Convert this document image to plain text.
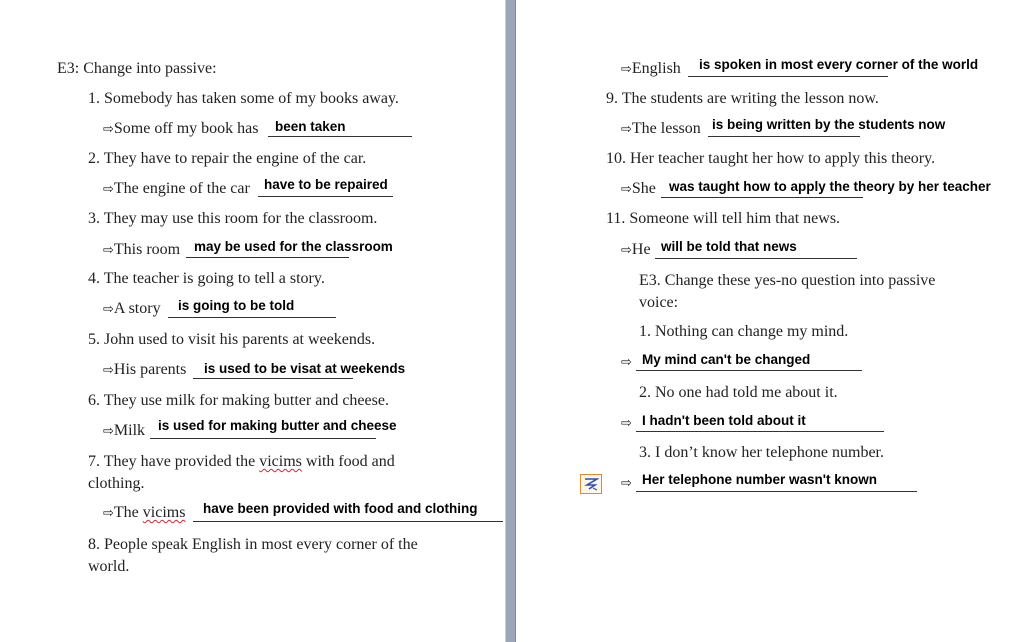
E3: Change into passive:
1. Somebody has taken some of my books away.
⇨Some off my book has been taken
2. They have to repair the engine of the car.
⇨The engine of the car have to be repaired
3. They may use this room for the classroom.
⇨This room may be used for the classroom
4. The teacher is going to tell a story.
⇨A story is going to be told
5. John used to visit his parents at weekends.
⇨His parents is used to be visat at weekends
6. They use milk for making butter and cheese.
⇨Milk is used for making butter and cheese
7. They have provided the vicims with food and clothing.
⇨The vicims have been provided with food and clothing
8. People speak English in most every corner of the world.
⇨English is spoken in most every corner of the world
9. The students are writing the lesson now.
⇨The lesson is being written by the students now
10. Her teacher taught her how to apply this theory.
⇨She was taught how to apply the theory by her teacher
11. Someone will tell him that news.
⇨He will be told that news
E3. Change these yes-no question into passive voice:
1. Nothing can change my mind.
⇨ My mind can't be changed
2. No one had told me about it.
⇨ I hadn't been told about it
3. I don’t know her telephone number.
⇨ Her telephone number wasn't known
